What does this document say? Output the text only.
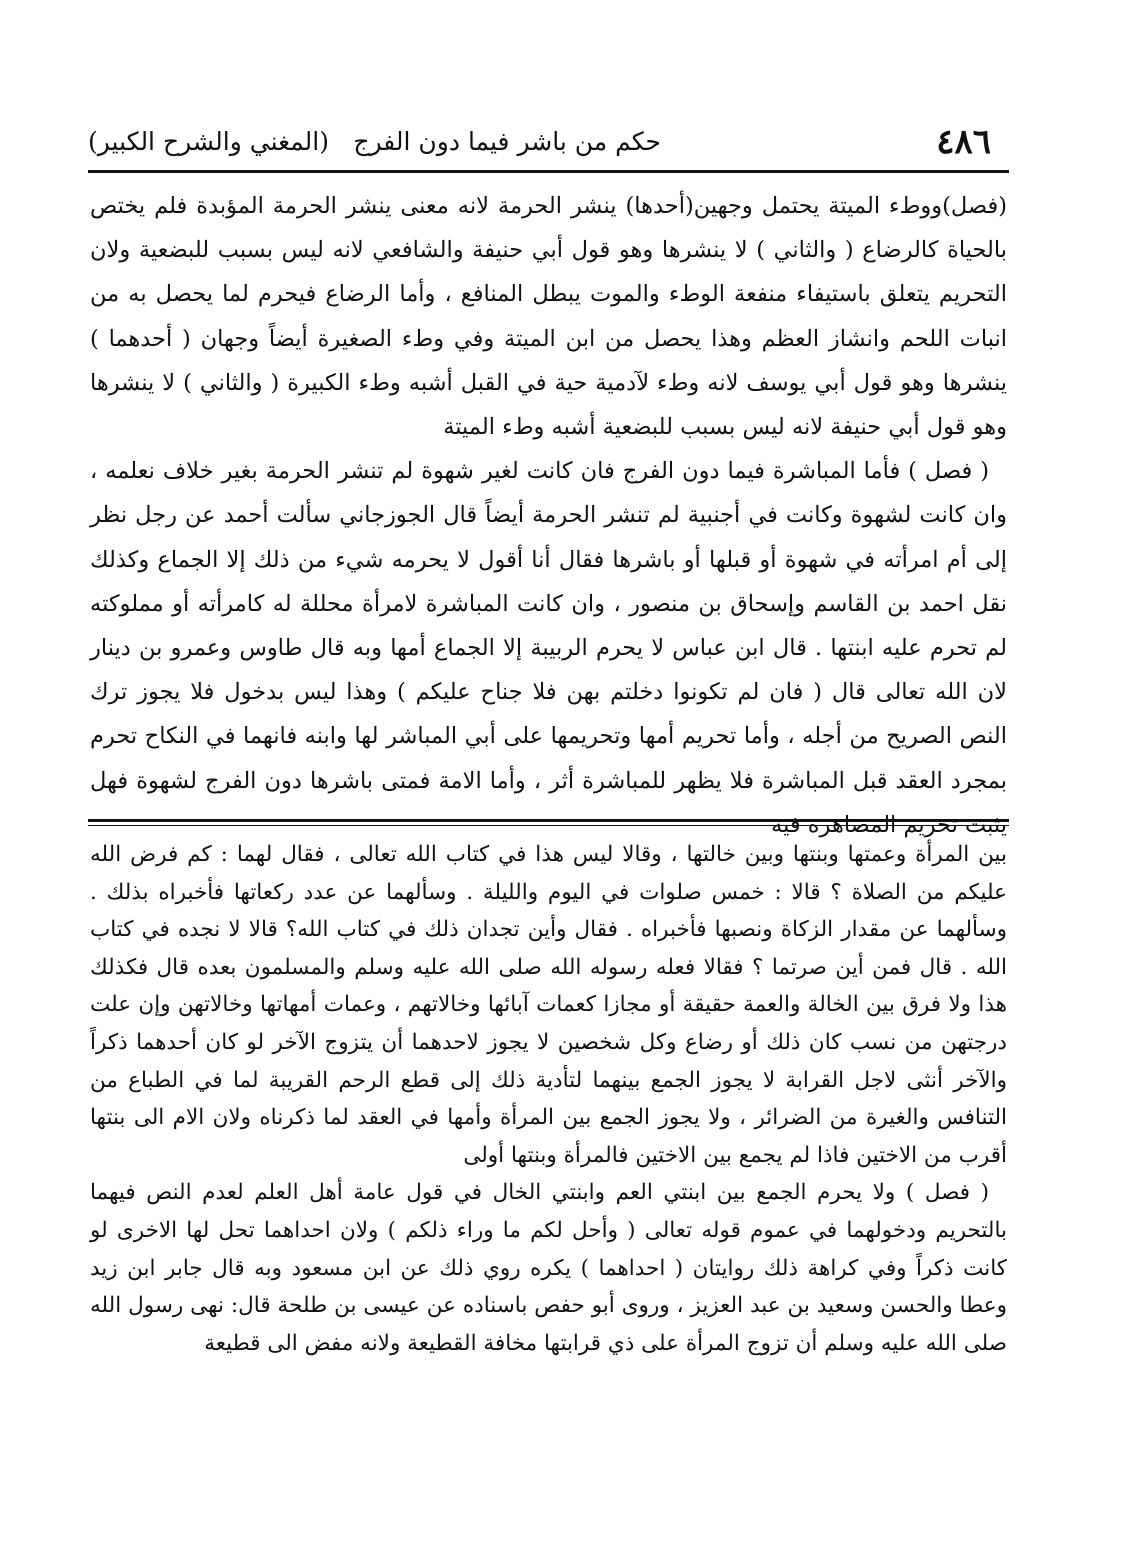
٤٨٦
حكم من باشر فيما دون الفرج
(المغني والشرح الكبير)

(فصل)ووطء الميتة يحتمل وجهين(أحدها) ينشر الحرمة لانه معنى ينشر الحرمة المؤبدة فلم يختص بالحياة كالرضاع ( والثاني ) لا ينشرها وهو قول أبي حنيفة والشافعي لانه ليس بسبب للبضعية ولان التحريم يتعلق باستيفاء منفعة الوطء والموت يبطل المنافع ، وأما الرضاع فيحرم لما يحصل به من انبات اللحم وانشاز العظم وهذا يحصل من ابن الميتة وفي وطء الصغيرة أيضاً وجهان ( أحدهما ) ينشرها وهو قول أبي يوسف لانه وطء لآدمية حية في القبل أشبه وطء الكبيرة ( والثاني ) لا ينشرها وهو قول أبي حنيفة لانه ليس بسبب للبضعية أشبه وطء الميتة

( فصل ) فأما المباشرة فيما دون الفرج فان كانت لغير شهوة لم تنشر الحرمة بغير خلاف نعلمه ، وان كانت لشهوة وكانت في أجنبية لم تنشر الحرمة أيضاً قال الجوزجاني سألت أحمد عن رجل نظر إلى أم امرأته في شهوة أو قبلها أو باشرها فقال أنا أقول لا يحرمه شيء من ذلك إلا الجماع وكذلك نقل احمد بن القاسم وإسحاق بن منصور ، وان كانت المباشرة لامرأة محللة له كامرأته أو مملوكته لم تحرم عليه ابنتها . قال ابن عباس لا يحرم الربيبة إلا الجماع أمها وبه قال طاوس وعمرو بن دينار لان الله تعالى قال ( فان لم تكونوا دخلتم بهن فلا جناح عليكم ) وهذا ليس بدخول فلا يجوز ترك النص الصريح من أجله ، وأما تحريم أمها وتحريمها على أبي المباشر لها وابنه فانهما في النكاح تحرم بمجرد العقد قبل المباشرة فلا يظهر للمباشرة أثر ، وأما الامة فمتى باشرها دون الفرج لشهوة فهل يثبت تحريم المصاهرة فيه

بين المرأة وعمتها وبنتها وبين خالتها ، وقالا ليس هذا في كتاب الله تعالى ، فقال لهما : كم فرض الله عليكم من الصلاة ؟ قالا : خمس صلوات في اليوم والليلة . وسألهما عن عدد ركعاتها فأخبراه بذلك . وسألهما عن مقدار الزكاة ونصبها فأخبراه . فقال وأين تجدان ذلك في كتاب الله؟ قالا لا نجده في كتاب الله . قال فمن أين صرتما ؟ فقالا فعله رسوله الله صلى الله عليه وسلم والمسلمون بعده قال فكذلك هذا ولا فرق بين الخالة والعمة حقيقة أو مجازا كعمات آبائها وخالاتهم ، وعمات أمهاتها وخالاتهن وإن علت درجتهن من نسب كان ذلك أو رضاع وكل شخصين لا يجوز لاحدهما أن يتزوج الآخر لو كان أحدهما ذكراً والآخر أنثى لاجل القرابة لا يجوز الجمع بينهما لتأدية ذلك إلى قطع الرحم القريبة لما في الطباع من التنافس والغيرة من الضرائر ، ولا يجوز الجمع بين المرأة وأمها في العقد لما ذكرناه ولان الام الى بنتها أقرب من الاختين فاذا لم يجمع بين الاختين فالمرأة وبنتها أولى

( فصل ) ولا يحرم الجمع بين ابنتي العم وابنتي الخال في قول عامة أهل العلم لعدم النص فيهما بالتحريم ودخولهما في عموم قوله تعالى ( وأحل لكم ما وراء ذلكم ) ولان احداهما تحل لها الاخرى لو كانت ذكراً وفي كراهة ذلك روايتان ( احداهما ) يكره روي ذلك عن ابن مسعود وبه قال جابر ابن زيد وعطا والحسن وسعيد بن عبد العزيز ، وروى أبو حفص باسناده عن عيسى بن طلحة قال: نهى رسول الله صلى الله عليه وسلم أن تزوج المرأة على ذي قرابتها مخافة القطيعة ولانه مفض الى قطيعة
